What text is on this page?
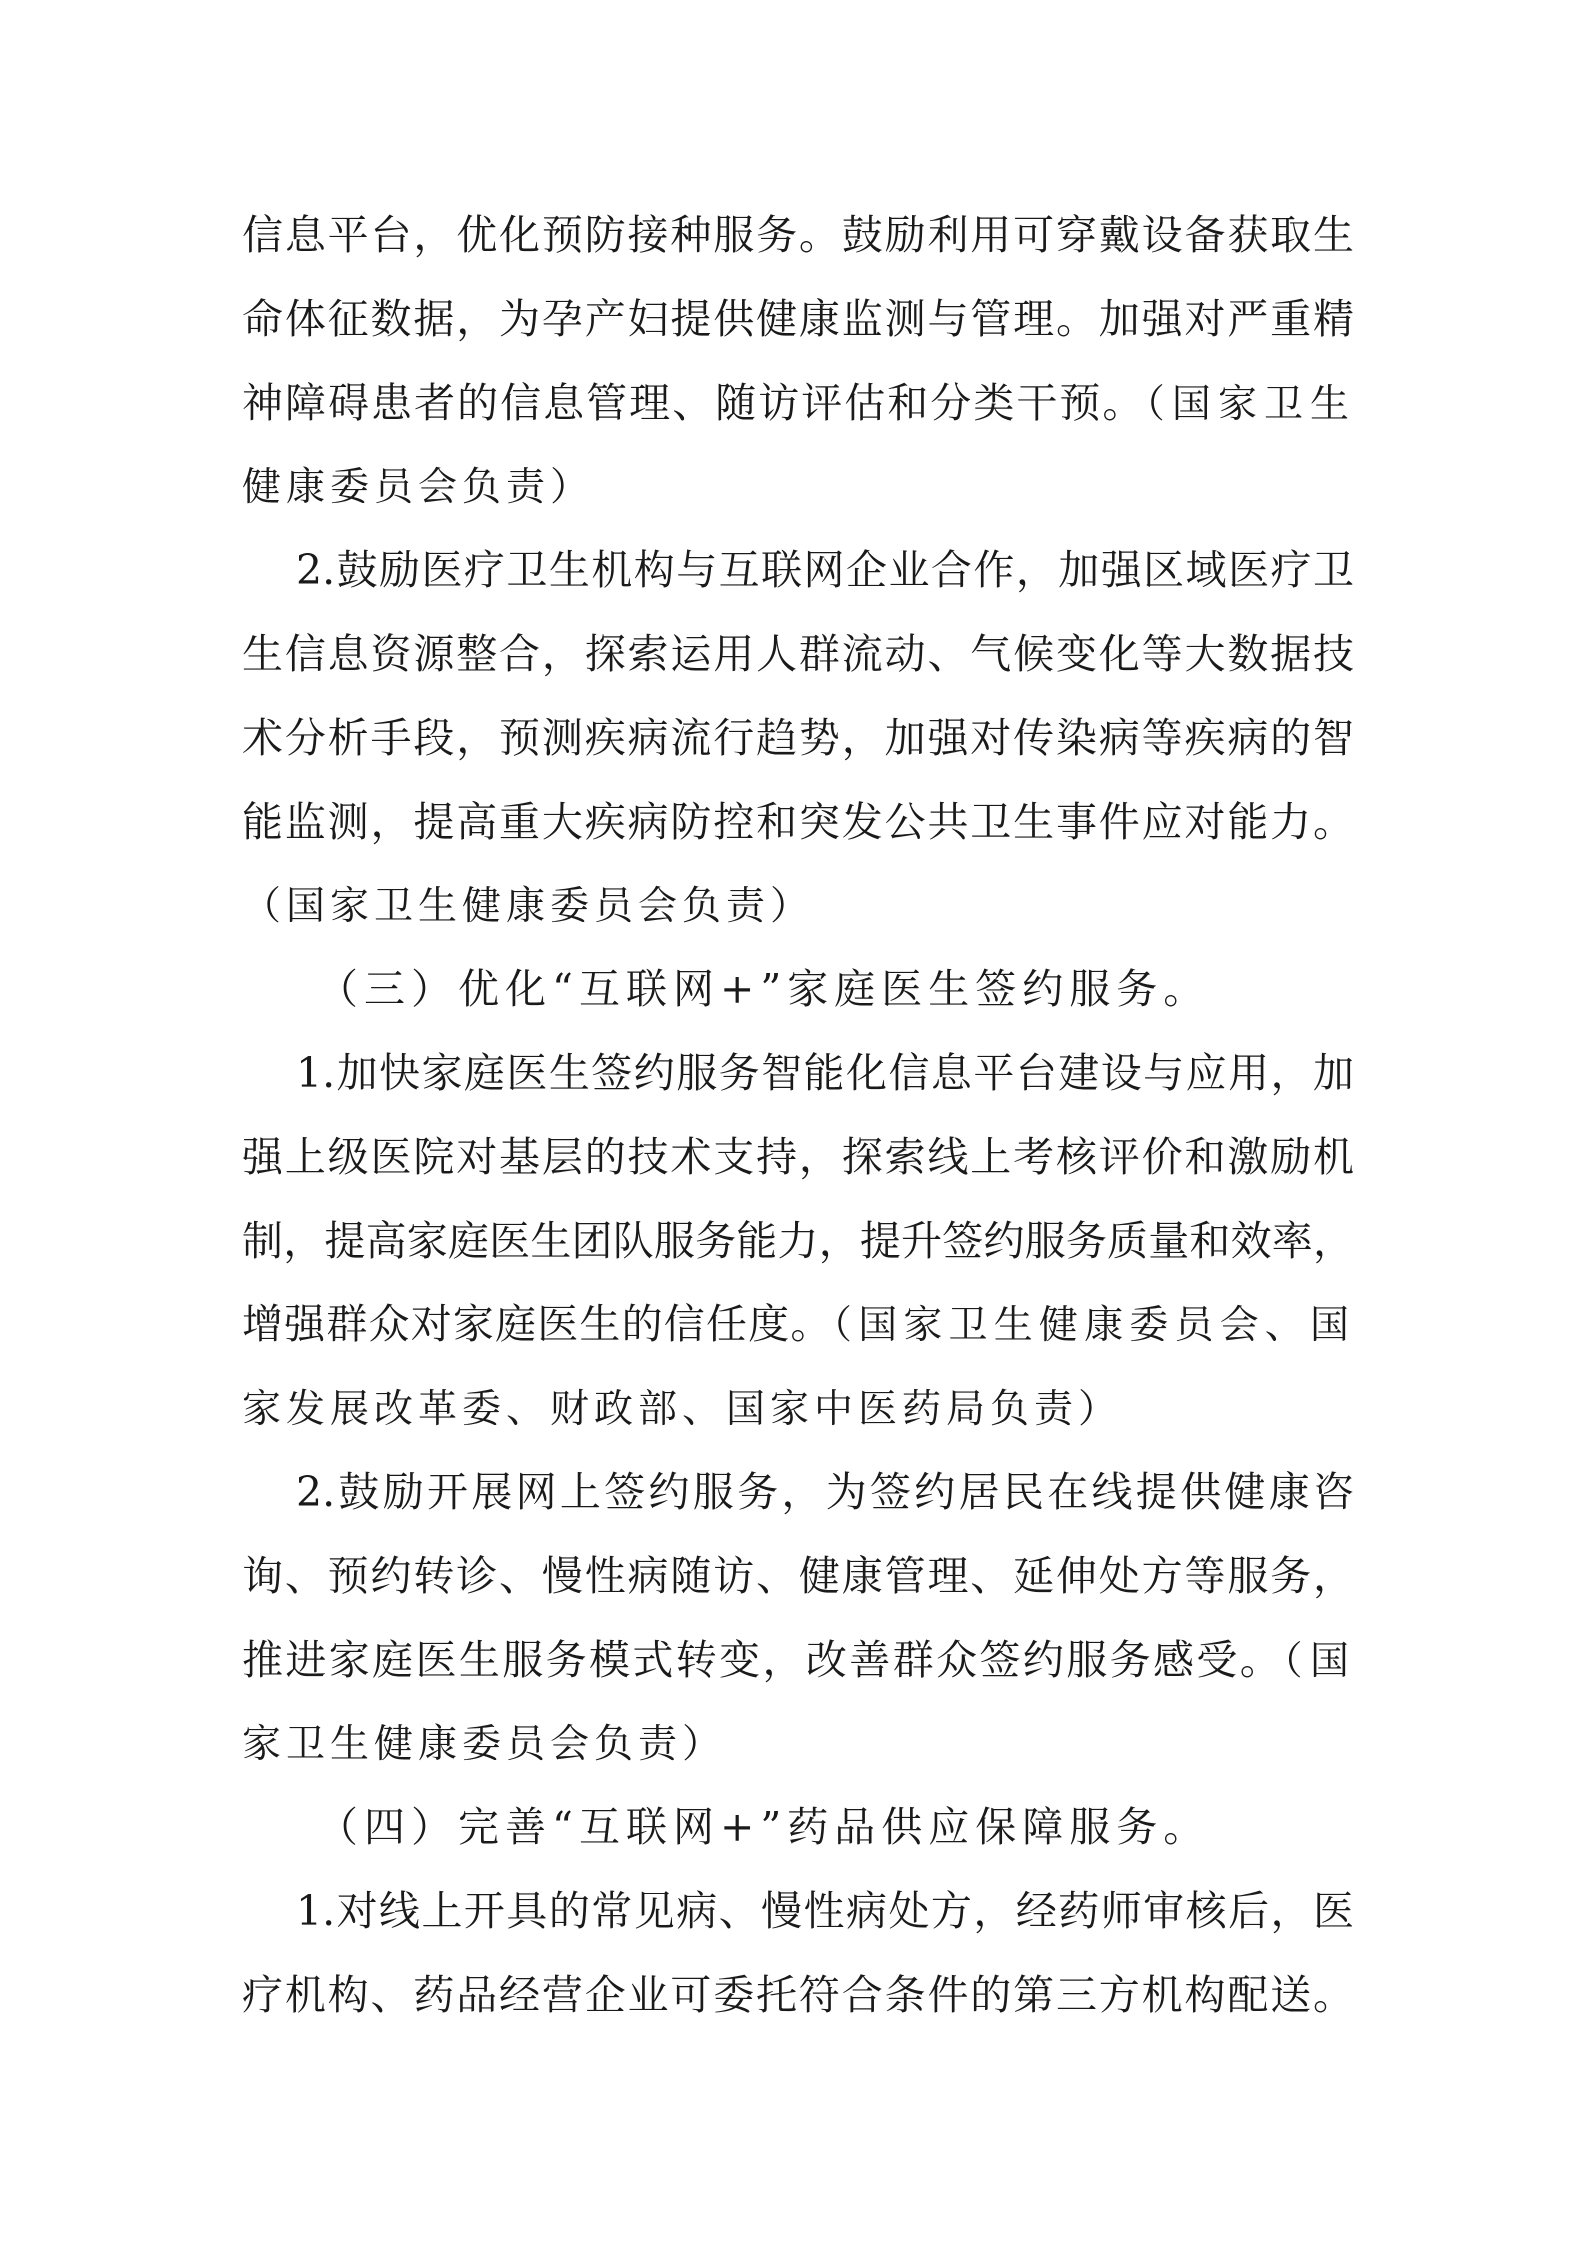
信息平台，优化预防接种服务。鼓励利用可穿戴设备获取生
命体征数据，为孕产妇提供健康监测与管理。加强对严重精
神障碍患者的信息管理、随访评估和分类干预。（国家卫生
健康委员会负责）
2.鼓励医疗卫生机构与互联网企业合作，加强区域医疗卫
生信息资源整合，探索运用人群流动、气候变化等大数据技
术分析手段，预测疾病流行趋势，加强对传染病等疾病的智
能监测，提高重大疾病防控和突发公共卫生事件应对能力。
（国家卫生健康委员会负责）
（三）优化“互联网+”家庭医生签约服务。
1.加快家庭医生签约服务智能化信息平台建设与应用，加
强上级医院对基层的技术支持，探索线上考核评价和激励机
制，提高家庭医生团队服务能力，提升签约服务质量和效率，
增强群众对家庭医生的信任度。（国家卫生健康委员会、国
家发展改革委、财政部、国家中医药局负责）
2.鼓励开展网上签约服务，为签约居民在线提供健康咨
询、预约转诊、慢性病随访、健康管理、延伸处方等服务，
推进家庭医生服务模式转变，改善群众签约服务感受。（国
家卫生健康委员会负责）
（四）完善“互联网+”药品供应保障服务。
1.对线上开具的常见病、慢性病处方，经药师审核后，医
疗机构、药品经营企业可委托符合条件的第三方机构配送。
